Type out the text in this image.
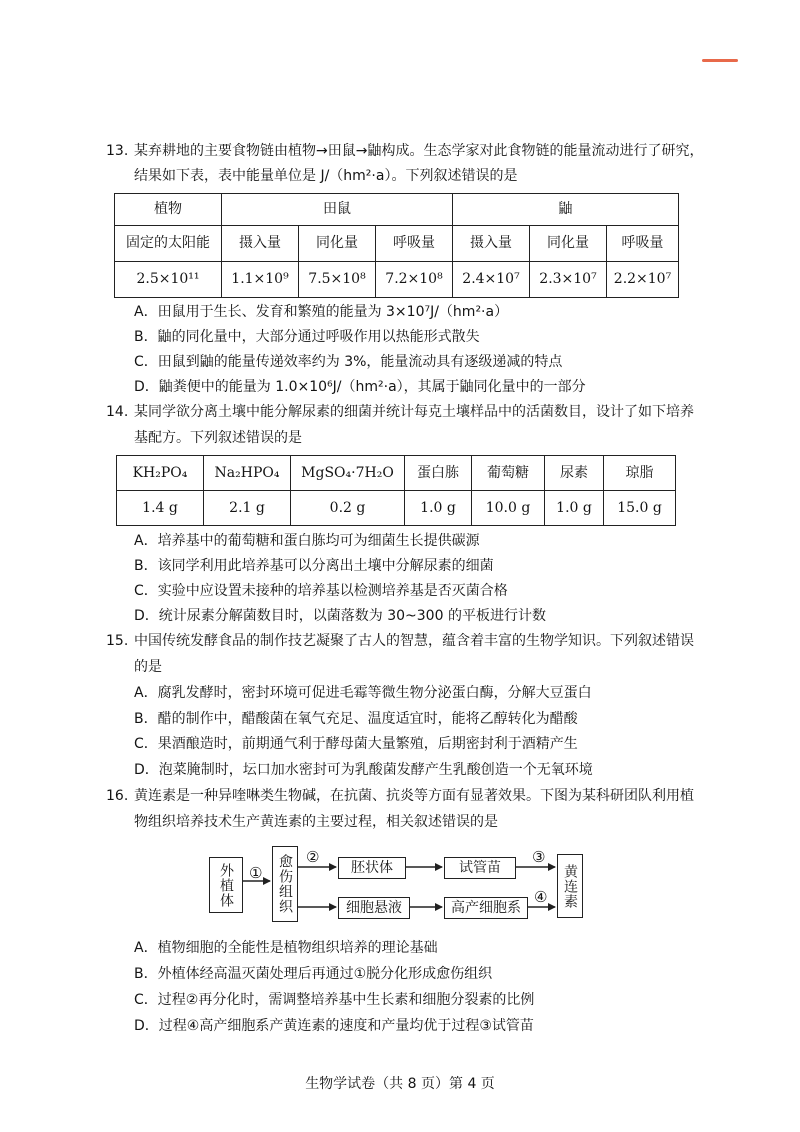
13. 某弃耕地的主要食物链由植物→田鼠→鼬构成。生态学家对此食物链的能量流动进行了研究，
结果如下表，表中能量单位是 J/（hm²·a）。下列叙述错误的是
植物	田鼠			鼬		
固定的太阳能	摄入量	同化量	呼吸量	摄入量	同化量	呼吸量
2.5×10¹¹	1.1×10⁹	7.5×10⁸	7.2×10⁸	2.4×10⁷	2.3×10⁷	2.2×10⁷
A．田鼠用于生长、发育和繁殖的能量为 3×10⁷J/（hm²·a）
B．鼬的同化量中，大部分通过呼吸作用以热能形式散失
C．田鼠到鼬的能量传递效率约为 3%，能量流动具有逐级递减的特点
D．鼬粪便中的能量为 1.0×10⁶J/（hm²·a），其属于鼬同化量中的一部分
14. 某同学欲分离土壤中能分解尿素的细菌并统计每克土壤样品中的活菌数目，设计了如下培养
基配方。下列叙述错误的是
KH₂PO₄	Na₂HPO₄	MgSO₄·7H₂O	蛋白胨	葡萄糖	尿素	琼脂
1.4 g	2.1 g	0.2 g	1.0 g	10.0 g	1.0 g	15.0 g
A．培养基中的葡萄糖和蛋白胨均可为细菌生长提供碳源
B．该同学利用此培养基可以分离出土壤中分解尿素的细菌
C．实验中应设置未接种的培养基以检测培养基是否灭菌合格
D．统计尿素分解菌数目时，以菌落数为 30~300 的平板进行计数
15. 中国传统发酵食品的制作技艺凝聚了古人的智慧，蕴含着丰富的生物学知识。下列叙述错误
的是
A．腐乳发酵时，密封环境可促进毛霉等微生物分泌蛋白酶，分解大豆蛋白
B．醋的制作中，醋酸菌在氧气充足、温度适宜时，能将乙醇转化为醋酸
C．果酒酿造时，前期通气利于酵母菌大量繁殖，后期密封利于酒精产生
D．泡菜腌制时，坛口加水密封可为乳酸菌发酵产生乳酸创造一个无氧环境
16. 黄连素是一种异喹啉类生物碱，在抗菌、抗炎等方面有显著效果。下图为某科研团队利用植
物组织培养技术生产黄连素的主要过程，相关叙述错误的是
外植体	愈伤组织	胚状体
细胞悬液
试管苗
高产细胞系	黄连素
①
②	③
④
A．植物细胞的全能性是植物组织培养的理论基础
B．外植体经高温灭菌处理后再通过①脱分化形成愈伤组织
C．过程②再分化时，需调整培养基中生长素和细胞分裂素的比例
D．过程④高产细胞系产黄连素的速度和产量均优于过程③试管苗
生物学试卷（共 8 页）第 4 页
